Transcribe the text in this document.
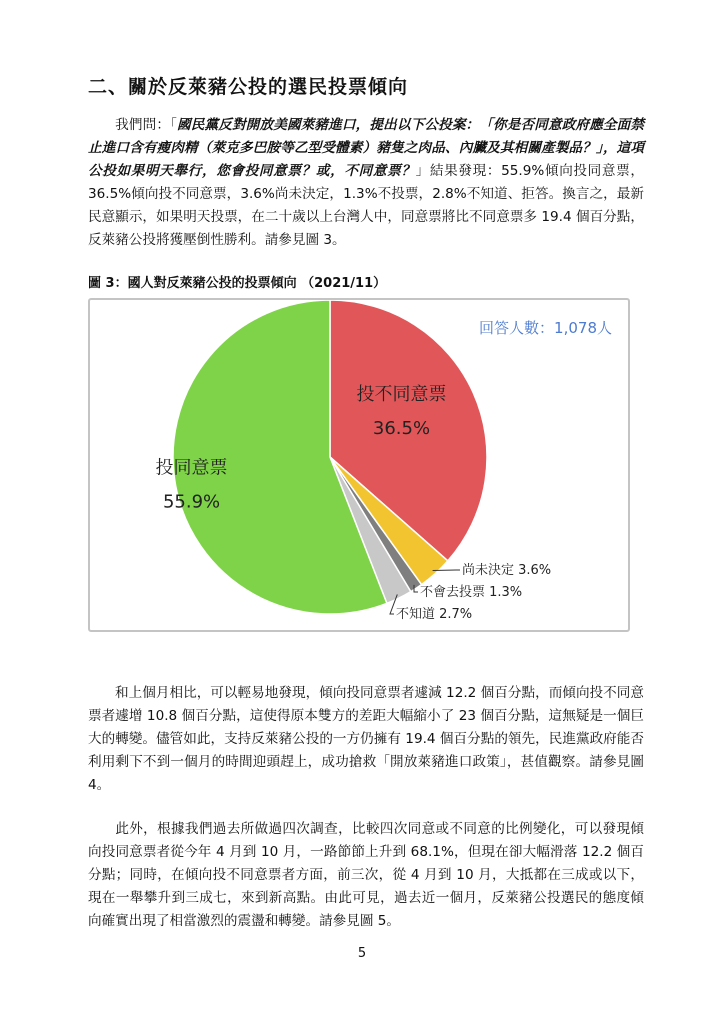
二、關於反萊豬公投的選民投票傾向
我們問：「國民黨反對開放美國萊豬進口，提出以下公投案：「你是否同意政府應全面禁止進口含有瘦肉精（萊克多巴胺等乙型受體素）豬隻之肉品、內臟及其相關產製品？」，這項公投如果明天舉行，您會投同意票？或，不同意票？」結果發現：55.9%傾向投同意票，36.5%傾向投不同意票，3.6%尚未決定，1.3%不投票，2.8%不知道、拒答。換言之，最新民意顯示，如果明天投票，在二十歲以上台灣人中，同意票將比不同意票多 19.4 個百分點，反萊豬公投將獲壓倒性勝利。請參見圖 3。
圖 3：國人對反萊豬公投的投票傾向 （2021/11）
投不同意票
36.5%
投同意票
55.9%
尚未決定 3.6%
不會去投票 1.3%
不知道 2.7%
回答人數：1,078人
和上個月相比，可以輕易地發現，傾向投同意票者遽減 12.2 個百分點，而傾向投不同意票者遽增 10.8 個百分點，這使得原本雙方的差距大幅縮小了 23 個百分點，這無疑是一個巨大的轉變。儘管如此，支持反萊豬公投的一方仍擁有 19.4 個百分點的領先，民進黨政府能否利用剩下不到一個月的時間迎頭趕上，成功搶救「開放萊豬進口政策」，甚值觀察。請參見圖 4。
此外，根據我們過去所做過四次調查，比較四次同意或不同意的比例變化，可以發現傾向投同意票者從今年 4 月到 10 月，一路節節上升到 68.1%，但現在卻大幅滑落 12.2 個百分點；同時，在傾向投不同意票者方面，前三次，從 4 月到 10 月，大抵都在三成或以下，現在一舉攀升到三成七，來到新高點。由此可見，過去近一個月，反萊豬公投選民的態度傾向確實出現了相當激烈的震盪和轉變。請參見圖 5。
5
